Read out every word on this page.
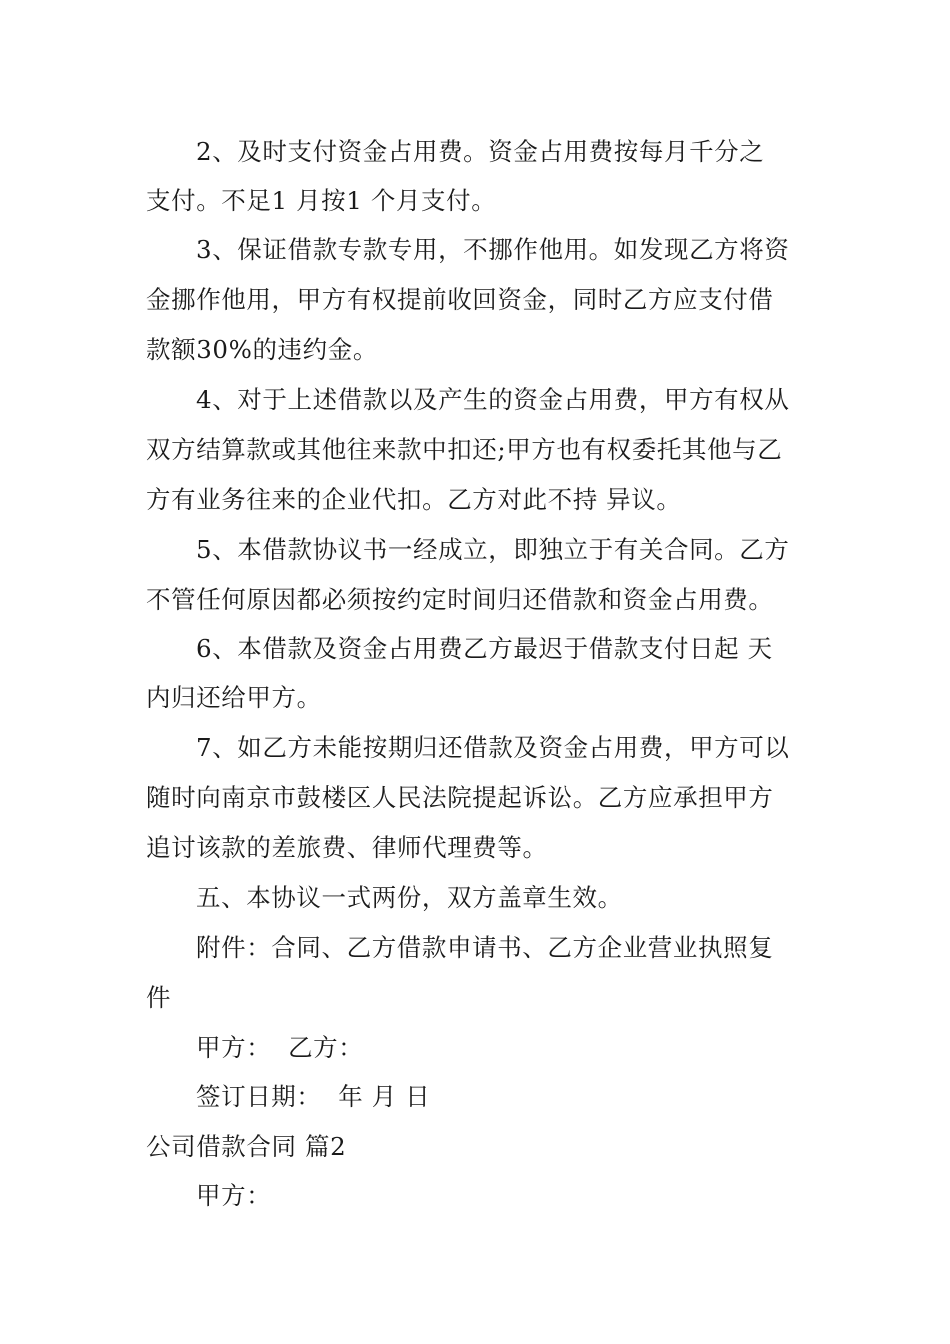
2、及时支付资金占用费。资金占用费按每月千分之
支付。不足1 月按1 个月支付。
3、保证借款专款专用，不挪作他用。如发现乙方将资
金挪作他用，甲方有权提前收回资金，同时乙方应支付借
款额30%的违约金。
4、对于上述借款以及产生的资金占用费，甲方有权从
双方结算款或其他往来款中扣还;甲方也有权委托其他与乙
方有业务往来的企业代扣。乙方对此不持 异议。
5、本借款协议书一经成立，即独立于有关合同。乙方
不管任何原因都必须按约定时间归还借款和资金占用费。
6、本借款及资金占用费乙方最迟于借款支付日起 天
内归还给甲方。
7、如乙方未能按期归还借款及资金占用费，甲方可以
随时向南京市鼓楼区人民法院提起诉讼。乙方应承担甲方
追讨该款的差旅费、律师代理费等。
五、本协议一式两份，双方盖章生效。
附件：合同、乙方借款申请书、乙方企业营业执照复
件
甲方：  乙方：
签订日期：  年 月 日
公司借款合同 篇2
甲方：
